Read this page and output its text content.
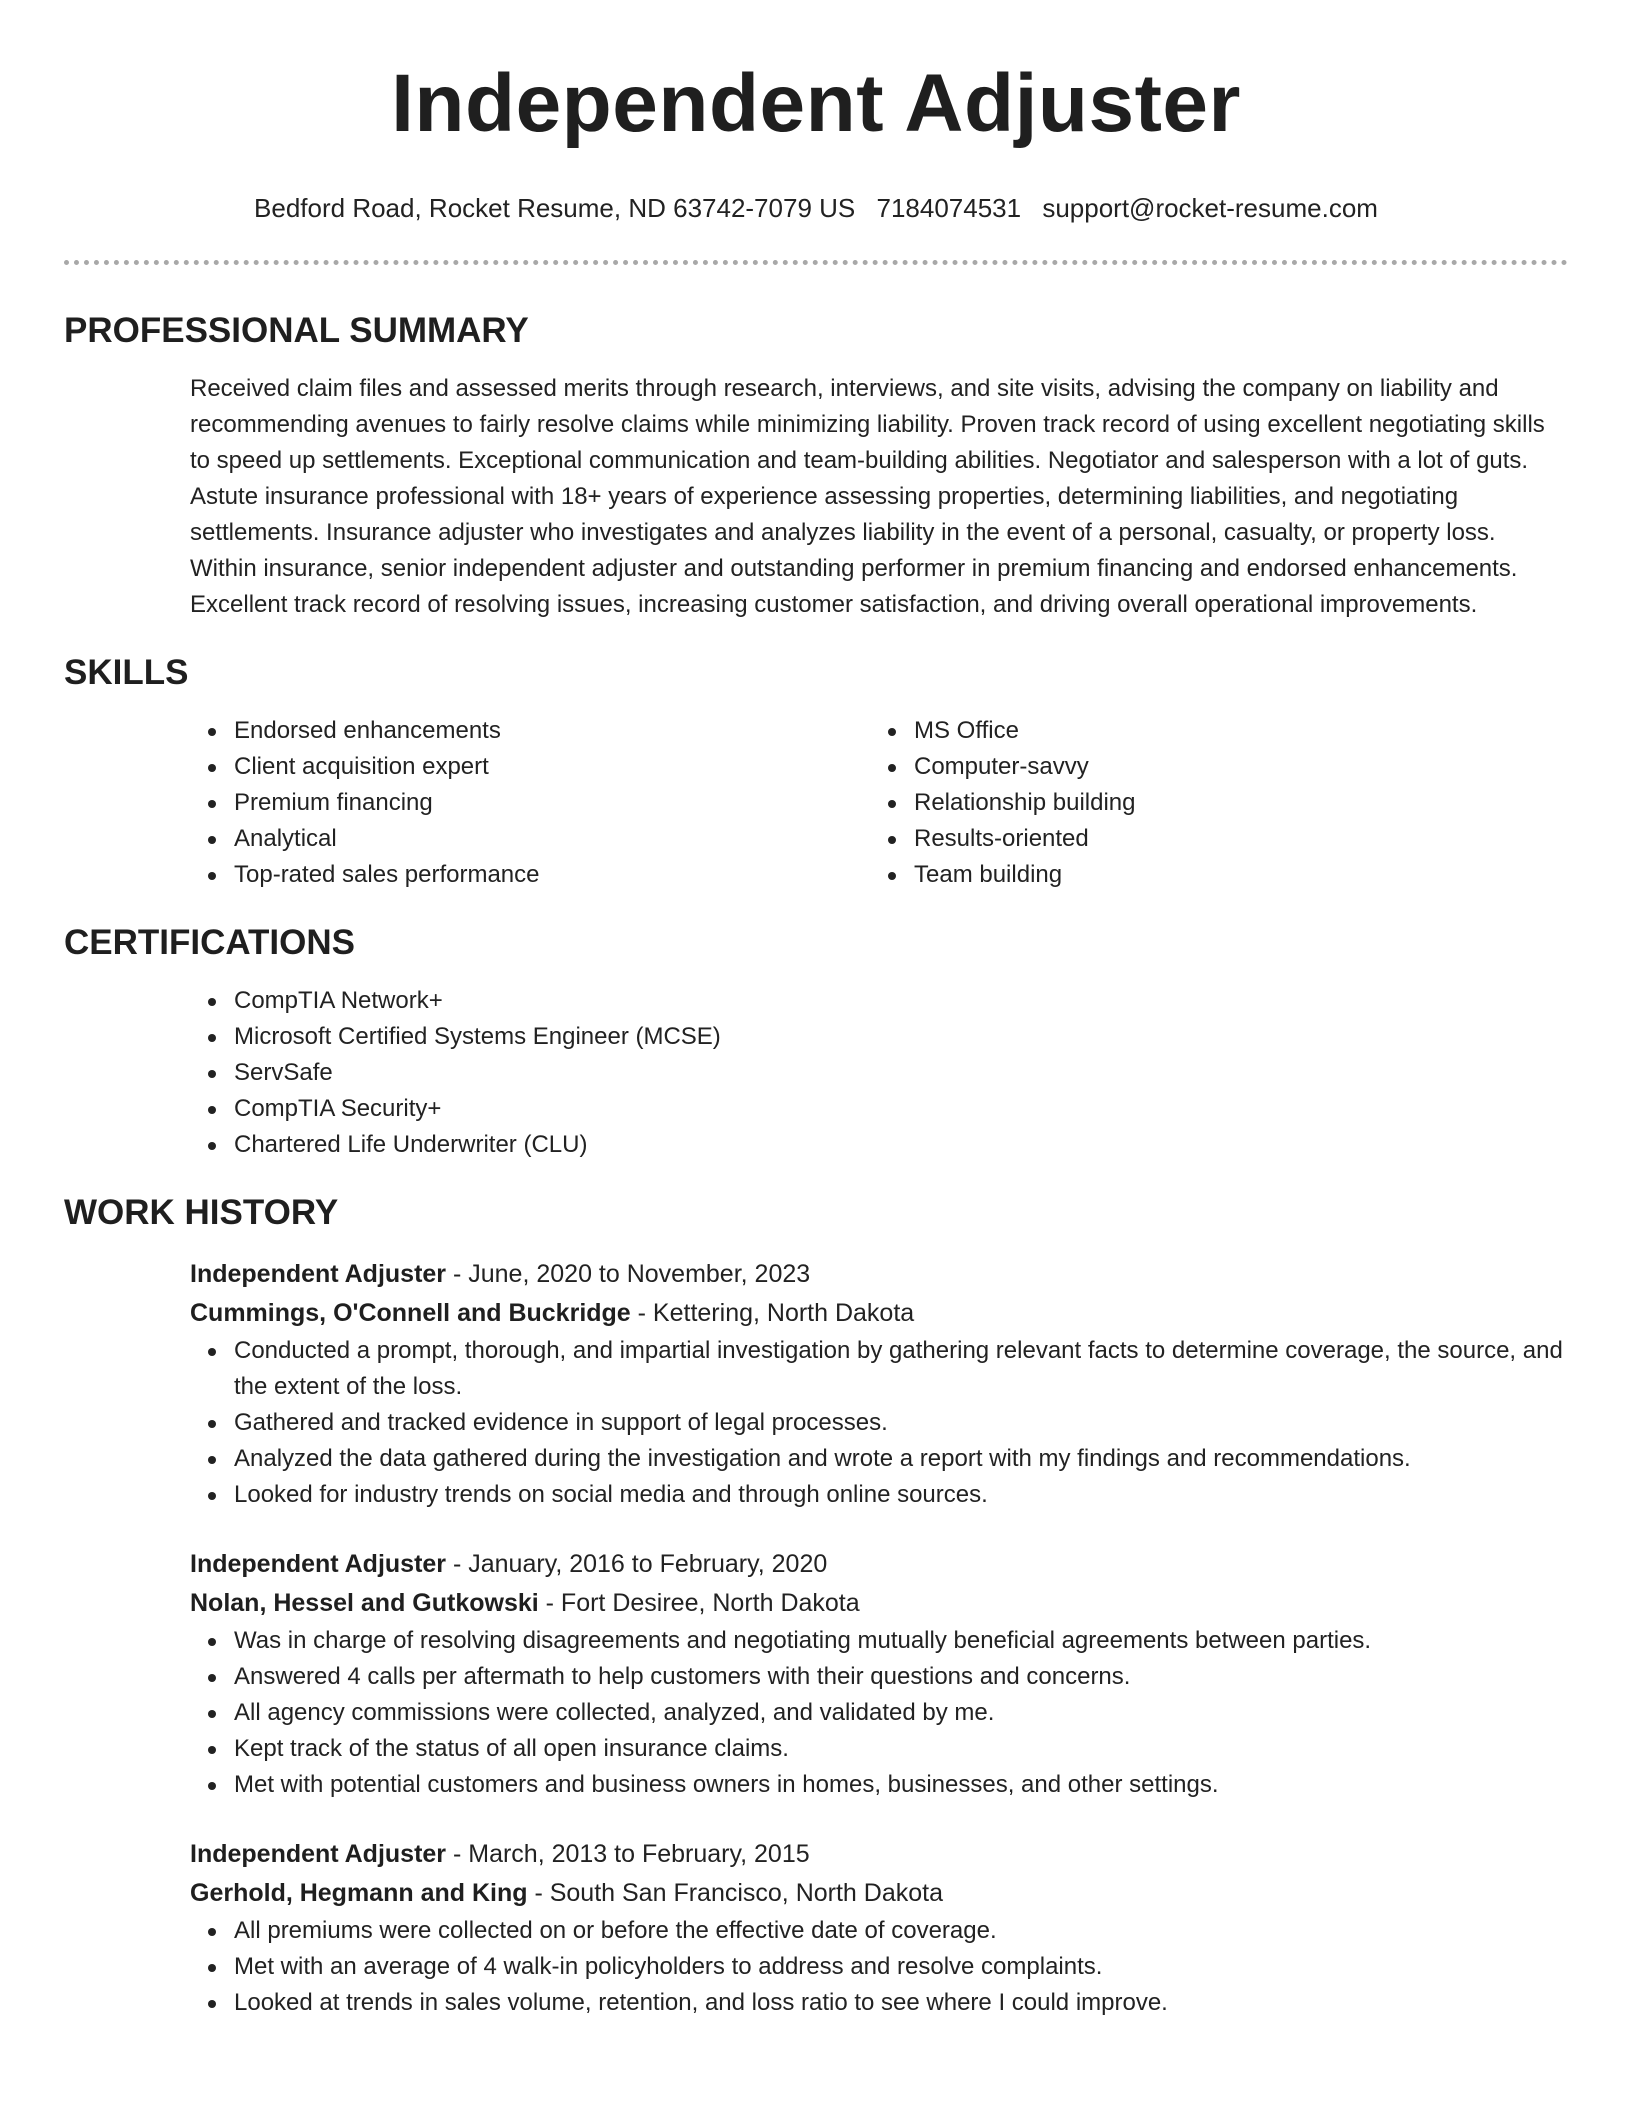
Independent Adjuster
Bedford Road, Rocket Resume, ND 63742-7079 US 7184074531 support@rocket-resume.com
PROFESSIONAL SUMMARY
Received claim files and assessed merits through research, interviews, and site visits, advising the company on liability and recommending avenues to fairly resolve claims while minimizing liability. Proven track record of using excellent negotiating skills to speed up settlements. Exceptional communication and team-building abilities. Negotiator and salesperson with a lot of guts. Astute insurance professional with 18+ years of experience assessing properties, determining liabilities, and negotiating settlements. Insurance adjuster who investigates and analyzes liability in the event of a personal, casualty, or property loss. Within insurance, senior independent adjuster and outstanding performer in premium financing and endorsed enhancements. Excellent track record of resolving issues, increasing customer satisfaction, and driving overall operational improvements.
SKILLS
Endorsed enhancements
Client acquisition expert
Premium financing
Analytical
Top-rated sales performance
MS Office
Computer-savvy
Relationship building
Results-oriented
Team building
CERTIFICATIONS
CompTIA Network+
Microsoft Certified Systems Engineer (MCSE)
ServSafe
CompTIA Security+
Chartered Life Underwriter (CLU)
WORK HISTORY
Independent Adjuster - June, 2020 to November, 2023
Cummings, O'Connell and Buckridge - Kettering, North Dakota
Conducted a prompt, thorough, and impartial investigation by gathering relevant facts to determine coverage, the source, and the extent of the loss.
Gathered and tracked evidence in support of legal processes.
Analyzed the data gathered during the investigation and wrote a report with my findings and recommendations.
Looked for industry trends on social media and through online sources.
Independent Adjuster - January, 2016 to February, 2020
Nolan, Hessel and Gutkowski - Fort Desiree, North Dakota
Was in charge of resolving disagreements and negotiating mutually beneficial agreements between parties.
Answered 4 calls per aftermath to help customers with their questions and concerns.
All agency commissions were collected, analyzed, and validated by me.
Kept track of the status of all open insurance claims.
Met with potential customers and business owners in homes, businesses, and other settings.
Independent Adjuster - March, 2013 to February, 2015
Gerhold, Hegmann and King - South San Francisco, North Dakota
All premiums were collected on or before the effective date of coverage.
Met with an average of 4 walk-in policyholders to address and resolve complaints.
Looked at trends in sales volume, retention, and loss ratio to see where I could improve.
